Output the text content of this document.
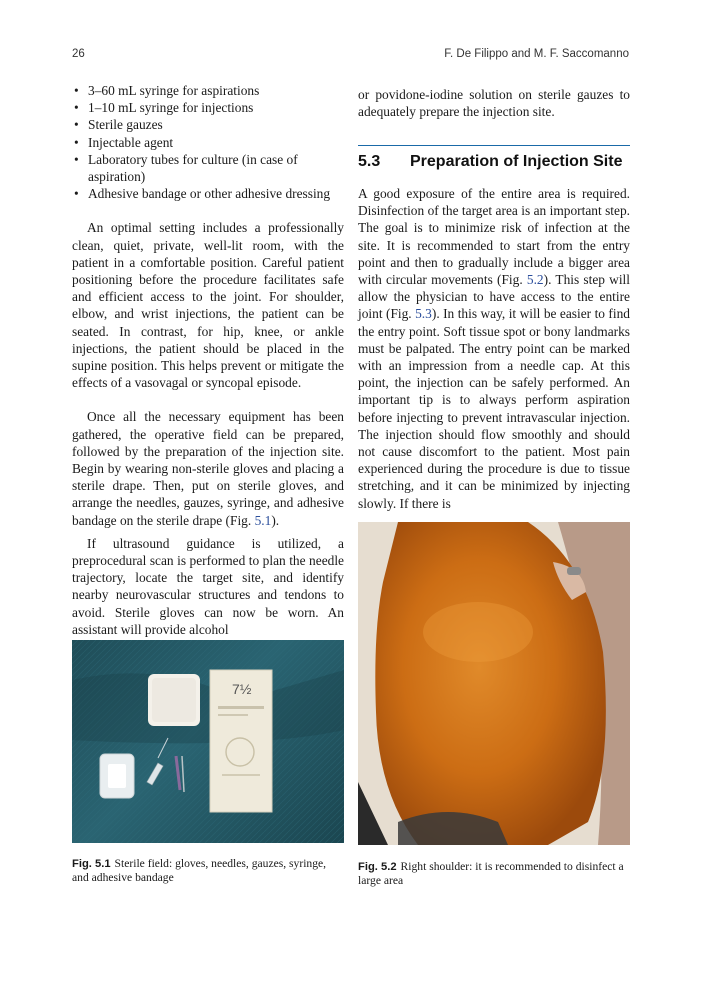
26	F. De Filippo and M. F. Saccomanno
• 3–60 mL syringe for aspirations
• 1–10 mL syringe for injections
• Sterile gauzes
• Injectable agent
• Laboratory tubes for culture (in case of aspiration)
• Adhesive bandage or other adhesive dressing

An optimal setting includes a professionally clean, quiet, private, well-lit room, with the patient in a comfortable position. Careful patient positioning before the procedure facilitates safe and efficient access to the joint. For shoulder, elbow, and wrist injections, the patient can be seated. In contrast, for hip, knee, or ankle injections, the patient should be placed in the supine position. This helps prevent or mitigate the effects of a vasovagal or syncopal episode.

Once all the necessary equipment has been gathered, the operative field can be prepared, followed by the preparation of the injection site. Begin by wearing non-sterile gloves and placing a sterile drape. Then, put on sterile gloves, and arrange the needles, gauzes, syringe, and adhesive bandage on the sterile drape (Fig. 5.1).

If ultrasound guidance is utilized, a preprocedural scan is performed to plan the needle trajectory, locate the target site, and identify nearby neurovascular structures and tendons to avoid. Sterile gloves can now be worn. An assistant will provide alcohol

or povidone-iodine solution on sterile gauzes to adequately prepare the injection site.

5.3	Preparation of Injection Site

A good exposure of the entire area is required. Disinfection of the target area is an important step. The goal is to minimize risk of infection at the site. It is recommended to start from the entry point and then to gradually include a bigger area with circular movements (Fig. 5.2). This step will allow the physician to have access to the entire joint (Fig. 5.3). In this way, it will be easier to find the entry point. Soft tissue spot or bony landmarks must be palpated. The entry point can be marked with an impression from a needle cap. At this point, the injection can be safely performed. An important tip is to always perform aspiration before injecting to prevent intravascular injection. The injection should flow smoothly and should not cause discomfort to the patient. Most pain experienced during the procedure is due to tissue stretching, and it can be minimized by injecting slowly. If there is

7½
Fig. 5.1 Sterile field: gloves, needles, gauzes, syringe, and adhesive bandage
Fig. 5.2 Right shoulder: it is recommended to disinfect a large area
